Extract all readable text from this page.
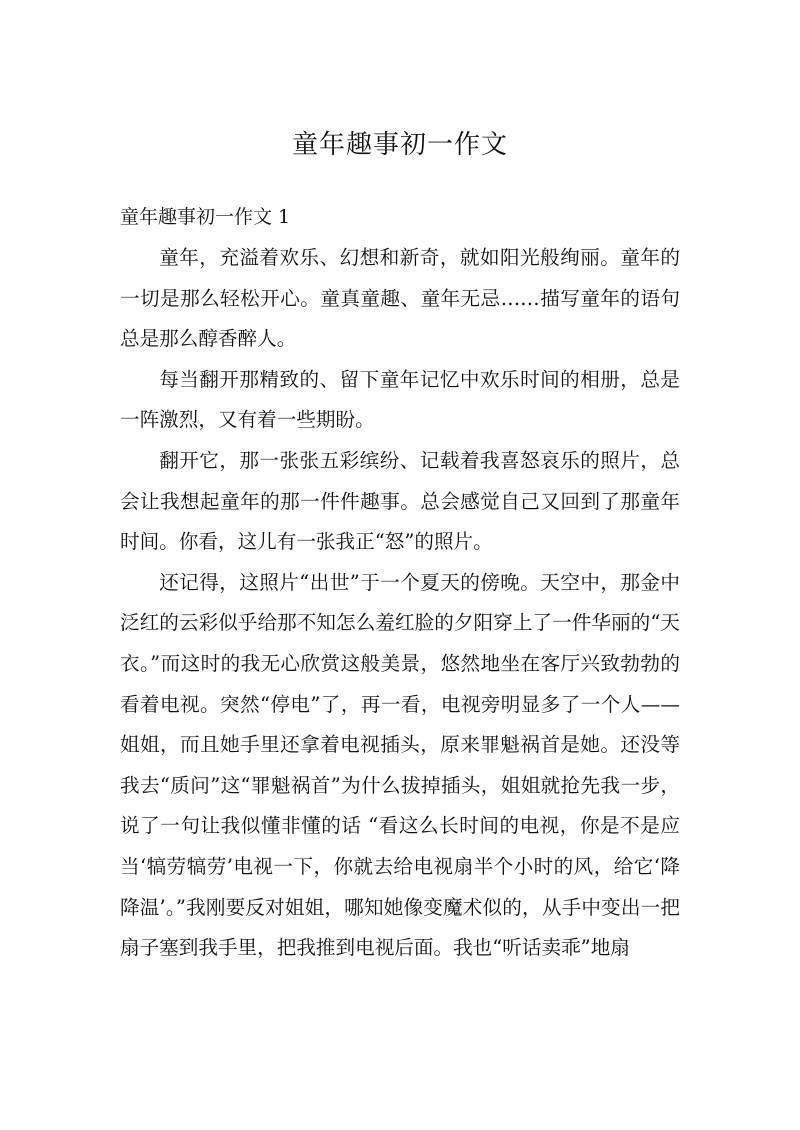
童年趣事初一作文
童年趣事初一作文 1

童年，充溢着欢乐、幻想和新奇，就如阳光般绚丽。童年的一切是那么轻松开心。童真童趣、童年无忌……描写童年的语句总是那么醇香醉人。

每当翻开那精致的、留下童年记忆中欢乐时间的相册，总是一阵激烈，又有着一些期盼。

翻开它，那一张张五彩缤纷、记载着我喜怒哀乐的照片，总会让我想起童年的那一件件趣事。总会感觉自己又回到了那童年时间。你看，这儿有一张我正“怒”的照片。

还记得，这照片“出世”于一个夏天的傍晚。天空中，那金中泛红的云彩似乎给那不知怎么羞红脸的夕阳穿上了一件华丽的“天衣。”而这时的我无心欣赏这般美景，悠然地坐在客厅兴致勃勃的看着电视。突然“停电”了，再一看，电视旁明显多了一个人——姐姐，而且她手里还拿着电视插头，原来罪魁祸首是她。还没等我去“质问”这“罪魁祸首”为什么拔掉插头，姐姐就抢先我一步，说了一句让我似懂非懂的话 “看这么长时间的电视，你是不是应当‘犒劳犒劳’电视一下，你就去给电视扇半个小时的风，给它‘降降温’。”我刚要反对姐姐，哪知她像变魔术似的，从手中变出一把扇子塞到我手里，把我推到电视后面。我也“听话卖乖”地扇
